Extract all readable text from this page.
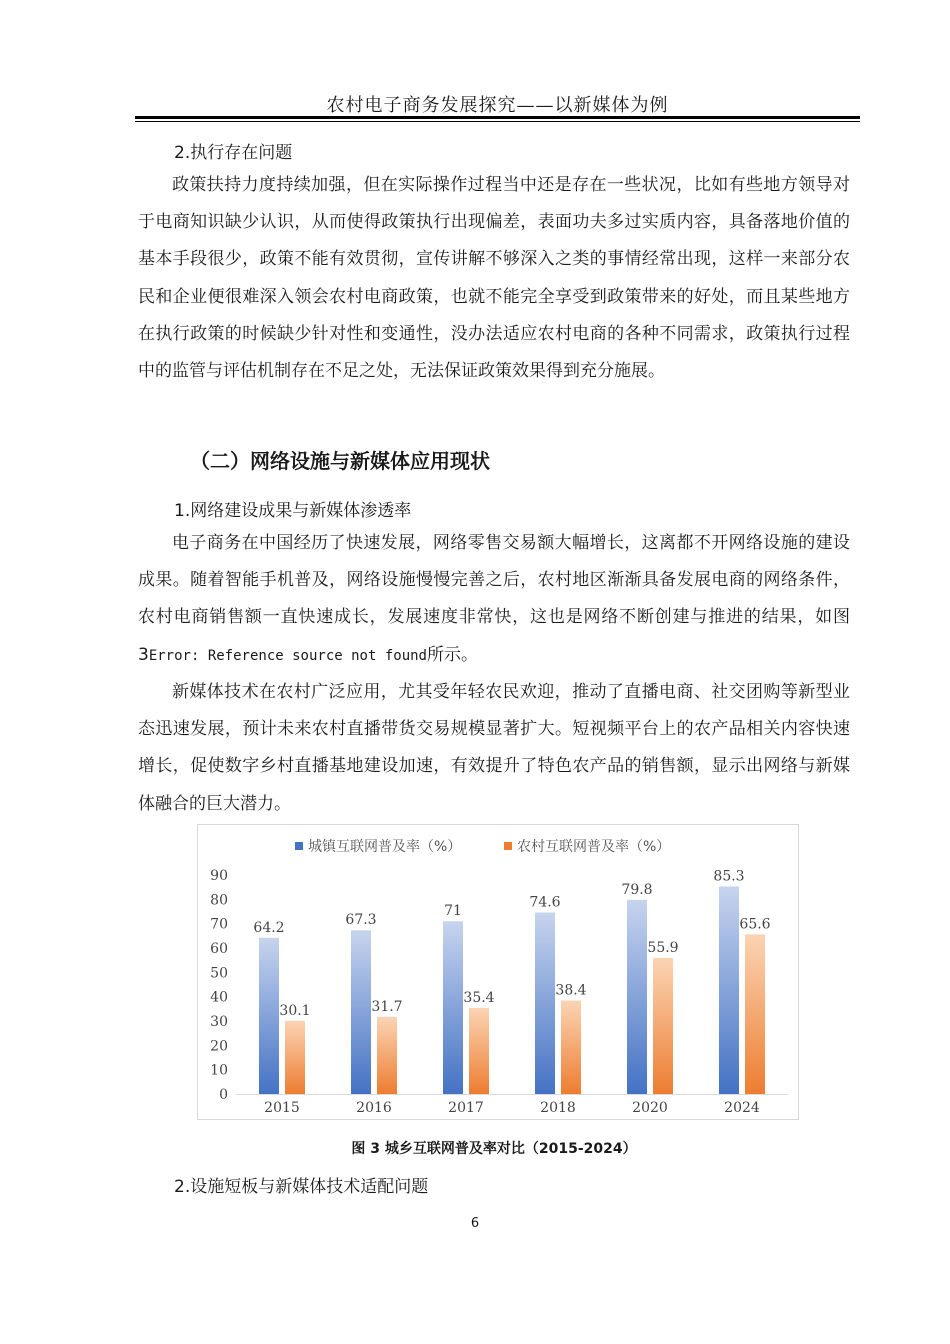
农村电子商务发展探究——以新媒体为例
2.执行存在问题

政策扶持力度持续加强，但在实际操作过程当中还是存在一些状况，比如有些地方领导对于电商知识缺少认识，从而使得政策执行出现偏差，表面功夫多过实质内容，具备落地价值的基本手段很少，政策不能有效贯彻，宣传讲解不够深入之类的事情经常出现，这样一来部分农民和企业便很难深入领会农村电商政策，也就不能完全享受到政策带来的好处，而且某些地方在执行政策的时候缺少针对性和变通性，没办法适应农村电商的各种不同需求，政策执行过程中的监管与评估机制存在不足之处，无法保证政策效果得到充分施展。

（二）网络设施与新媒体应用现状
1.网络建设成果与新媒体渗透率

电子商务在中国经历了快速发展，网络零售交易额大幅增长，这离都不开网络设施的建设成果。随着智能手机普及，网络设施慢慢完善之后，农村地区渐渐具备发展电商的网络条件，农村电商销售额一直快速成长，发展速度非常快，这也是网络不断创建与推进的结果，如图 3Error: Reference source not found所示。

新媒体技术在农村广泛应用，尤其受年轻农民欢迎，推动了直播电商、社交团购等新型业态迅速发展，预计未来农村直播带货交易规模显著扩大。短视频平台上的农产品相关内容快速增长，促使数字乡村直播基地建设加速，有效提升了特色农产品的销售额，显示出网络与新媒体融合的巨大潜力。

城镇互联网普及率（%）	农村互联网普及率（%）
0
10
20
30
40
50
60
70
80
90
64.2
30.1
2015
67.3
31.7
2016
71
35.4
2017
74.6
38.4
2018
79.8
55.9
2020
85.3
65.6
2024
图 3 城乡互联网普及率对比（2015-2024）
2.设施短板与新媒体技术适配问题
6
